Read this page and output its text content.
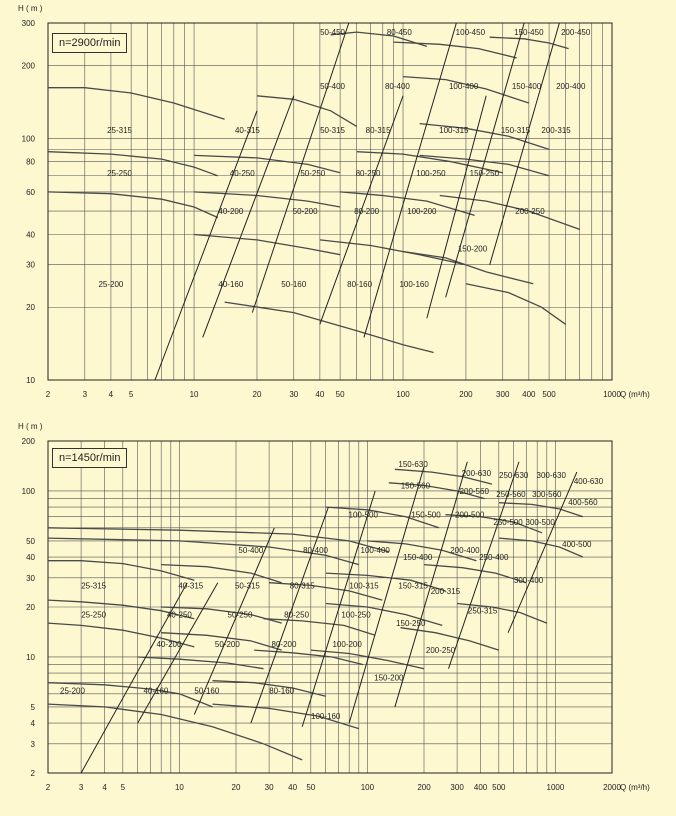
25-200
25-250
25-315
40-160
40-200
40-250
40-315
50-160
50-200
50-250
50-315
50-400
50-450
80-160
80-200
80-250
80-315
80-400
80-450
100-160
100-200
100-250
100-315
100-400
100-450
150-200
150-250
150-315
150-400
150-450
200-250
200-315
200-400
200-450
2	3	4 5	10	20	30 40 50	100	200	300 400 500	1000
10
20
30
40
60
80
100
200
300
H ( m )
Q (m³/h)
25-200
25-250
25-315
40-160
40-200
40-250
40-315
50-160
50-200
50-250
50-315
50-400
80-160
80-200
80-250
80-315
80-400
100-160
100-200
100-250
100-315
100-400
100-500
150-200
150-250
150-315
150-400
150-500
150-560
150-630
200-250
200-315
200-400
200-500
200-560
200-630
250-315
250-400
250-500
250-560
250-630
300-400
300-500
300-560
300-630
400-500
400-560
400-630
2	3 4 5	10	20	30 40 50	100	200 300 400 500	1000	2000
2
3
4
5
10
20
30
40
50
100
200
H ( m )
Q (m³/h)
n=2900r/min
n=1450r/min
